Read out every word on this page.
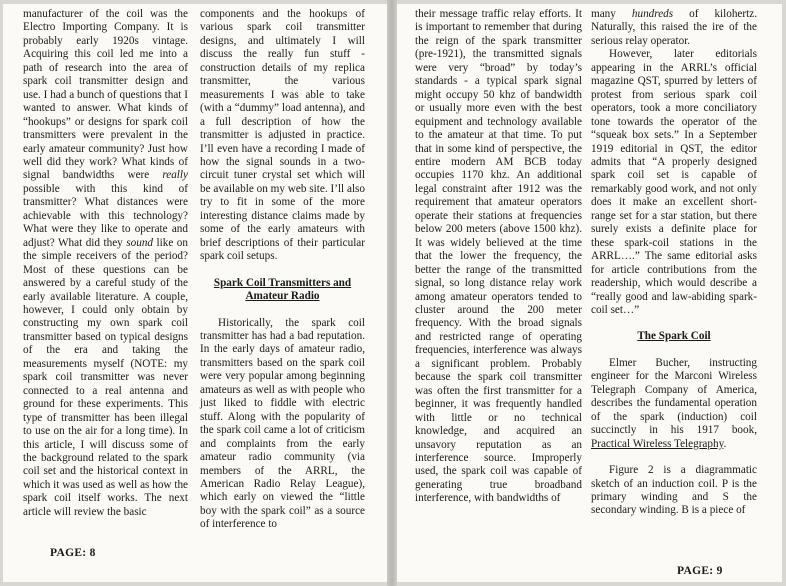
manufacturer of the coil was the Electro Importing Company. It is probably early 1920s vintage. Acquiring this coil led me into a path of research into the area of spark coil transmitter design and use. I had a bunch of questions that I wanted to answer. What kinds of “hookups” or designs for spark coil transmitters were prevalent in the early amateur community? Just how well did they work? What kinds of signal bandwidths were really possible with this kind of transmitter? What distances were achievable with this technology? What were they like to operate and adjust? What did they sound like on the simple receivers of the period? Most of these questions can be answered by a careful study of the early available literature. A couple, however, I could only obtain by constructing my own spark coil transmitter based on typical designs of the era and taking the measurements myself (NOTE: my spark coil transmitter was never connected to a real antenna and ground for these experiments. This type of transmitter has been illegal to use on the air for a long time). In this article, I will discuss some of the background related to the spark coil set and the historical context in which it was used as well as how the spark coil itself works. The next article will review the basic

components and the hookups of various spark coil transmitter designs, and ultimately I will discuss the really fun stuff - construction details of my replica transmitter, the various measurements I was able to take (with a “dummy” load antenna), and a full description of how the transmitter is adjusted in practice. I’ll even have a recording I made of how the signal sounds in a two-circuit tuner crystal set which will be available on my web site. I’ll also try to fit in some of the more interesting distance claims made by some of the early amateurs with brief descriptions of their particular spark coil setups.

Spark Coil Transmitters and Amateur Radio

Historically, the spark coil transmitter has had a bad reputation. In the early days of amateur radio, transmitters based on the spark coil were very popular among beginning amateurs as well as with people who just liked to fiddle with electric stuff. Along with the popularity of the spark coil came a lot of criticism and complaints from the early amateur radio community (via members of the ARRL, the American Radio Relay League), which early on viewed the “little boy with the spark coil” as a source of interference to

PAGE: 8

their message traffic relay efforts. It is important to remember that during the reign of the spark transmitter (pre-1921), the transmitted signals were very “broad” by today’s standards - a typical spark signal might occupy 50 khz of bandwidth or usually more even with the best equipment and technology available to the amateur at that time. To put that in some kind of perspective, the entire modern AM BCB today occupies 1170 khz. An additional legal constraint after 1912 was the requirement that amateur operators operate their stations at frequencies below 200 meters (above 1500 khz). It was widely believed at the time that the lower the frequency, the better the range of the transmitted signal, so long distance relay work among amateur operators tended to cluster around the 200 meter frequency. With the broad signals and restricted range of operating frequencies, interference was always a significant problem. Probably because the spark coil transmitter was often the first transmitter for a beginner, it was frequently handled with little or no technical knowledge, and acquired an unsavory reputation as an interference source. Improperly used, the spark coil was capable of generating true broadband interference, with bandwidths of

many hundreds of kilohertz. Naturally, this raised the ire of the serious relay operator.

However, later editorials appearing in the ARRL’s official magazine QST, spurred by letters of protest from serious spark coil operators, took a more conciliatory tone towards the operator of the “squeak box sets.” In a September 1919 editorial in QST, the editor admits that “A properly designed spark coil set is capable of remarkably good work, and not only does it make an excellent short-range set for a star station, but there surely exists a definite place for these spark-coil stations in the ARRL….” The same editorial asks for article contributions from the readership, which would describe a “really good and law-abiding spark-coil set…”

The Spark Coil

Elmer Bucher, instructing engineer for the Marconi Wireless Telegraph Company of America, describes the fundamental operation of the spark (induction) coil succinctly in his 1917 book, Practical Wireless Telegraphy.

Figure 2 is a diagrammatic sketch of an induction coil. P is the primary winding and S the secondary winding. B is a piece of

PAGE: 9
